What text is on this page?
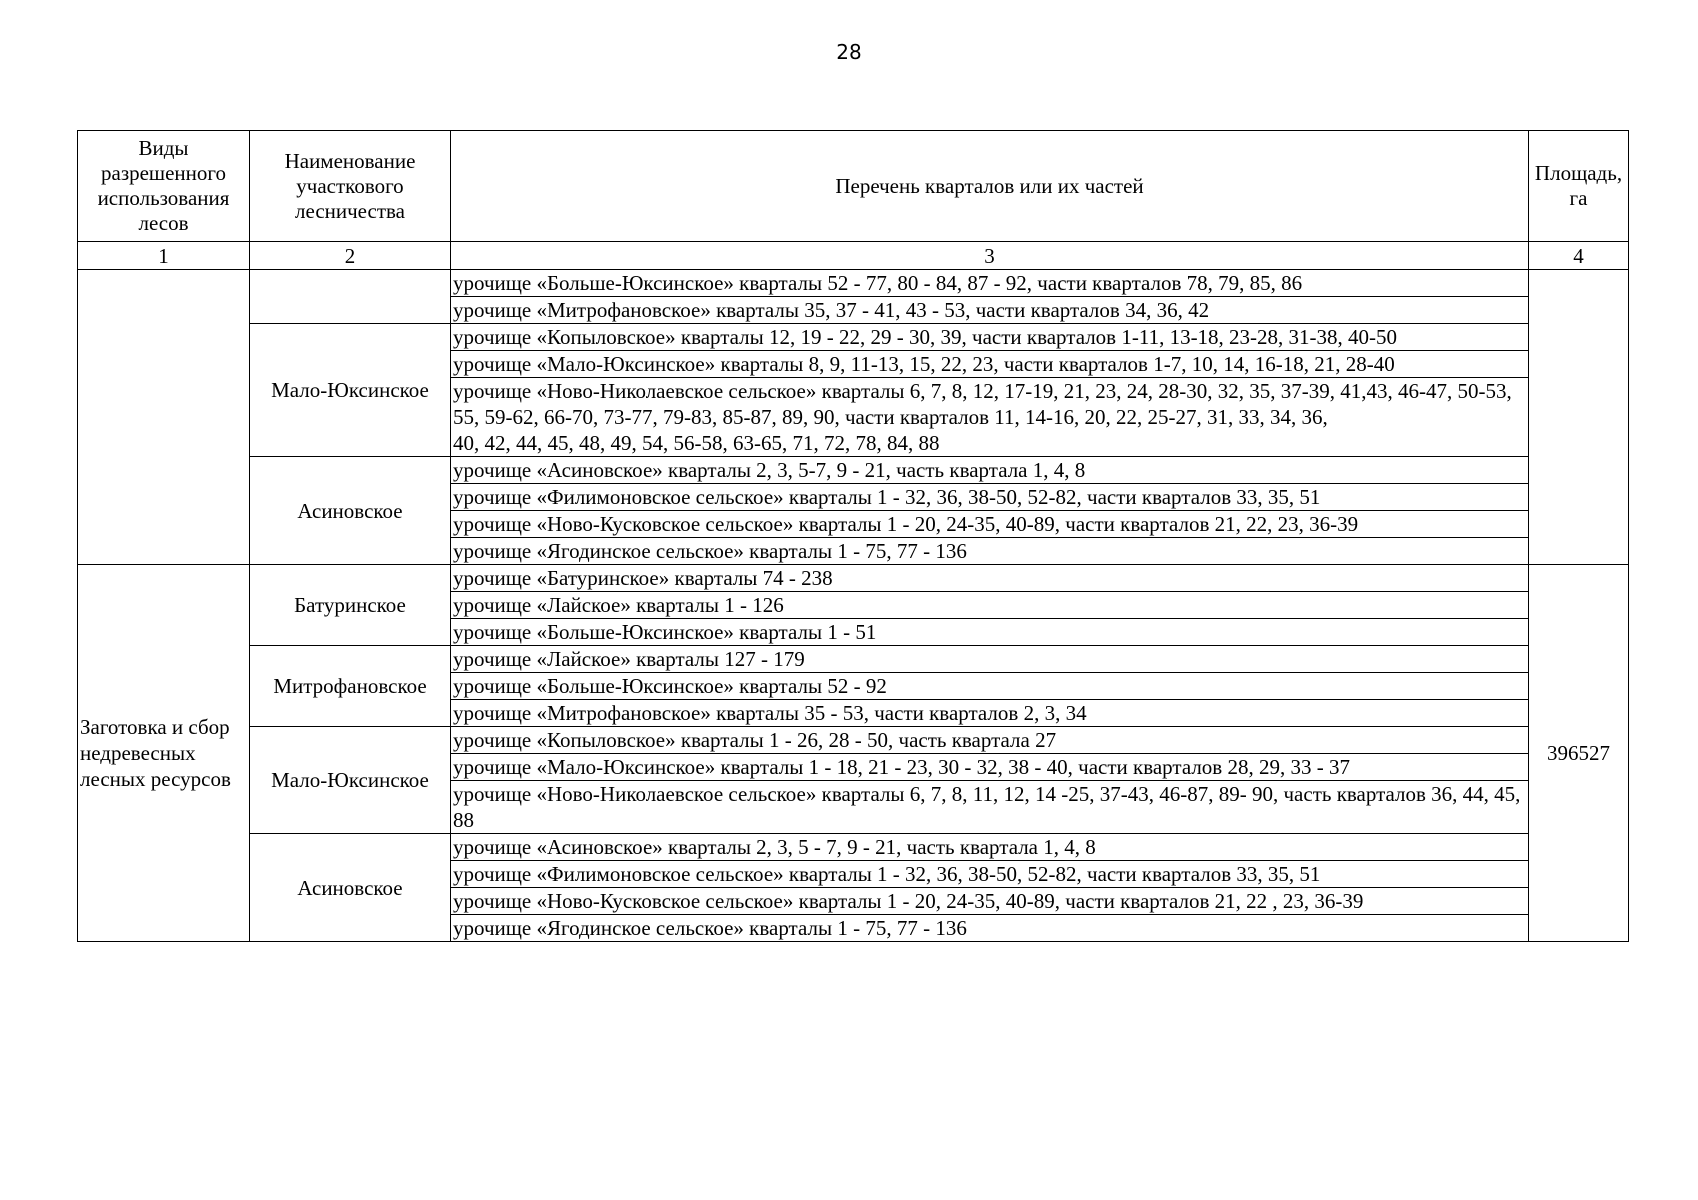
28
Виды разрешенного использования лесов	Наименование участкового лесничества	Перечень кварталов или их частей	Площадь, га
1	2	3	4
		урочище «Больше-Юксинское» кварталы 52 - 77, 80 - 84, 87 - 92, части кварталов 78, 79, 85, 86	
		урочище «Митрофановское» кварталы 35, 37 - 41, 43 - 53, части кварталов 34, 36, 42	
	Мало-Юксинское	урочище «Копыловское» кварталы 12, 19 - 22, 29 - 30, 39, части кварталов 1-11, 13-18, 23-28, 31-38, 40-50	
		урочище «Мало-Юксинское» кварталы 8, 9, 11-13, 15, 22, 23, части кварталов 1-7, 10, 14, 16-18, 21, 28-40	
		урочище «Ново-Николаевское сельское» кварталы 6, 7, 8, 12, 17-19, 21, 23, 24, 28-30, 32, 35, 37-39, 41,43, 46-47, 50-53, 55, 59-62, 66-70, 73-77, 79-83, 85-87, 89, 90, части кварталов 11, 14-16, 20, 22, 25-27, 31, 33, 34, 36,
40, 42, 44, 45, 48, 49, 54, 56-58, 63-65, 71, 72, 78, 84, 88	
	Асиновское	урочище «Асиновское» кварталы 2, 3, 5-7, 9 - 21, часть квартала 1, 4, 8	
		урочище «Филимоновское сельское» кварталы 1 - 32, 36, 38-50, 52-82, части кварталов 33, 35, 51	
		урочище «Ново-Кусковское сельское» кварталы 1 - 20, 24-35, 40-89, части кварталов 21, 22, 23, 36-39	
		урочище «Ягодинское сельское» кварталы 1 - 75, 77 - 136	
Заготовка и сбор недревесных лесных ресурсов	Батуринское	урочище «Батуринское» кварталы 74 - 238	396527
		урочище «Лайское» кварталы 1 - 126	
		урочище «Больше-Юксинское» кварталы 1 - 51	
	Митрофановское	урочище «Лайское» кварталы 127 - 179	
		урочище «Больше-Юксинское» кварталы 52 - 92	
		урочище «Митрофановское» кварталы 35 - 53, части кварталов 2, 3, 34	
	Мало-Юксинское	урочище «Копыловское» кварталы 1 - 26, 28 - 50, часть квартала 27	
		урочище «Мало-Юксинское» кварталы 1 - 18, 21 - 23, 30 - 32, 38 - 40, части кварталов 28, 29, 33 - 37	
		урочище «Ново-Николаевское сельское» кварталы 6, 7, 8, 11, 12, 14 -25, 37-43, 46-87, 89- 90, часть кварталов 36, 44, 45, 88	
	Асиновское	урочище «Асиновское» кварталы 2, 3, 5 - 7, 9 - 21, часть квартала 1, 4, 8	
		урочище «Филимоновское сельское» кварталы 1 - 32, 36, 38-50, 52-82, части кварталов 33, 35, 51	
		урочище «Ново-Кусковское сельское» кварталы 1 - 20, 24-35, 40-89, части кварталов 21, 22 , 23, 36-39	
		урочище «Ягодинское сельское» кварталы 1 - 75, 77 - 136	
